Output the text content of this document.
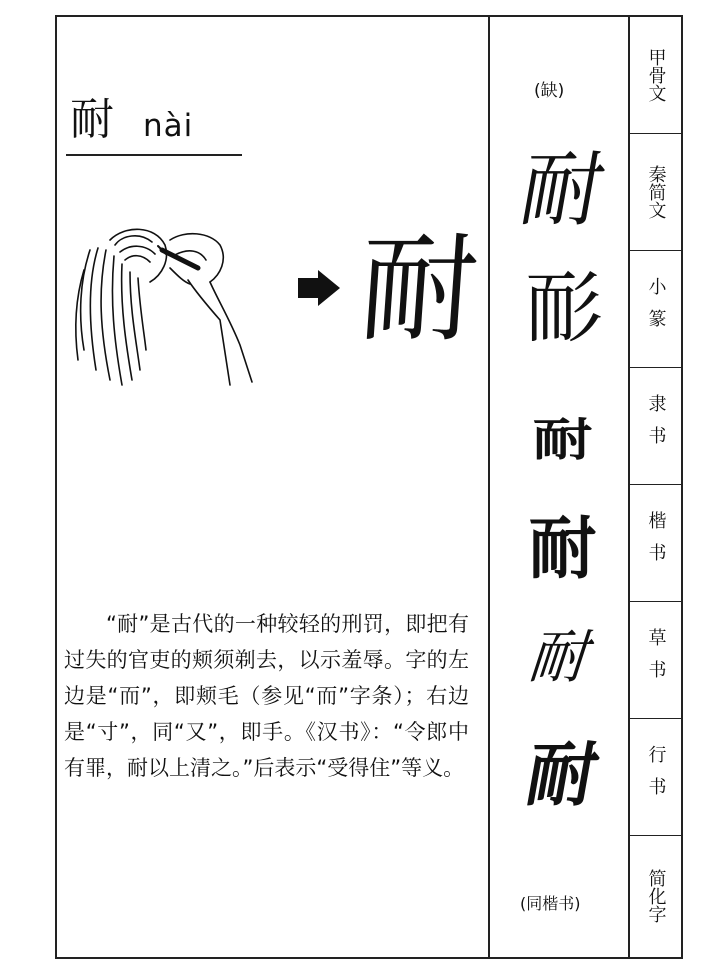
耐 nài
耐

“耐”是古代的一种较轻的刑罚，即把有过失的官吏的颊须剃去，以示羞辱。字的左边是“而”，即颊毛（参见“而”字条）；右边是“寸”，同“又”，即手。《汉书》：“令郎中有罪，耐以上清之。”后表示“受得住”等义。

(缺)
耐
耏
耐
耐
耐
耐
(同楷书)
甲骨文
秦简文
小篆
隶书
楷书
草书
行书
简化字
